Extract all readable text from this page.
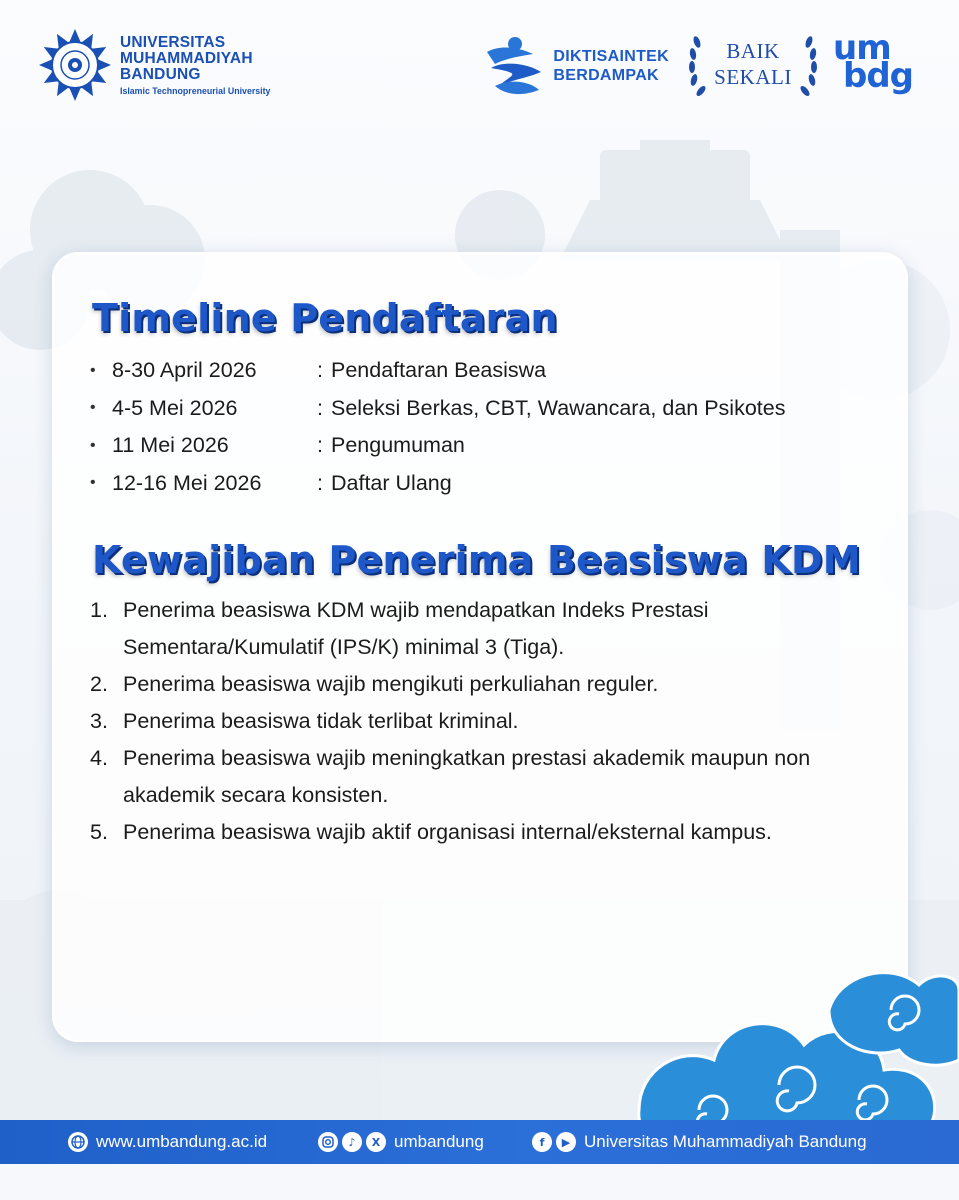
UNIVERSITAS
MUHAMMADIYAH
BANDUNG
Islamic Technopreneurial University
DIKTISAINTEK
BERDAMPAK
BAIK
SEKALI
um
bdg
Timeline Pendaftaran
• 8-30 April 2026	: Pendaftaran Beasiswa
• 4-5 Mei 2026	: Seleksi Berkas, CBT, Wawancara, dan Psikotes
• 11 Mei 2026	: Pengumuman
• 12-16 Mei 2026	: Daftar Ulang
Kewajiban Penerima Beasiswa KDM
1. Penerima beasiswa KDM wajib mendapatkan Indeks Prestasi Sementara/Kumulatif (IPS/K) minimal 3 (Tiga).
2. Penerima beasiswa wajib mengikuti perkuliahan reguler.
3. Penerima beasiswa tidak terlibat kriminal.
4. Penerima beasiswa wajib meningkatkan prestasi akademik maupun non akademik secara konsisten.
5. Penerima beasiswa wajib aktif organisasi internal/eksternal kampus.
www.umbandung.ac.id	♪	X umbandung	f	▶ Universitas Muhammadiyah Bandung
